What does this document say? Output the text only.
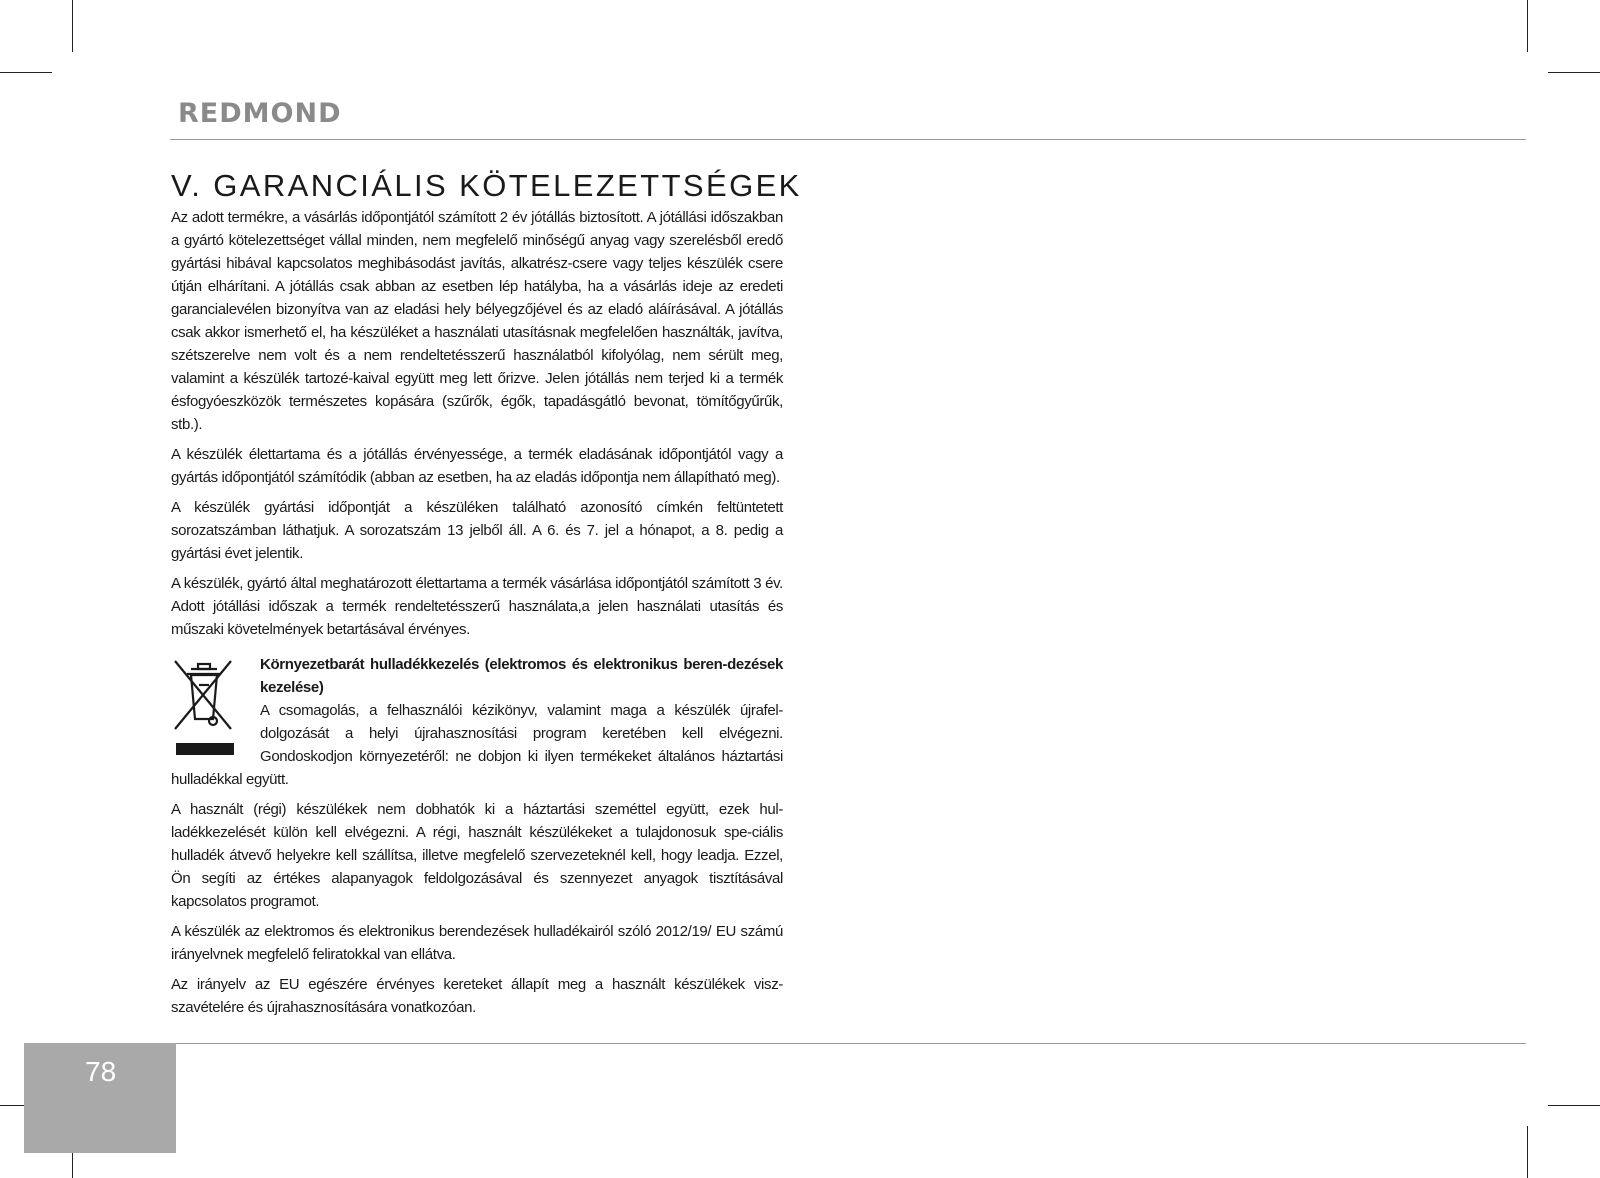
REDMOND
V. GARANCIÁLIS KÖTELEZETTSÉGEK

Az adott termékre, a vásárlás időpontjától számított 2 év jótállás biztosított. A jótállási időszakban a gyártó kötelezettséget vállal minden, nem megfelelő minőségű anyag vagy szerelésből eredő gyártási hibával kapcsolatos meghibásodást javítás, alkatrész-csere vagy teljes készülék csere útján elhárítani. A jótállás csak abban az esetben lép hatályba, ha a vásárlás ideje az eredeti garancialevélen bizonyítva van az eladási hely bélyegzőjével és az eladó aláírásával. A jótállás csak akkor ismerhető el, ha készüléket a használati utasításnak megfelelően használták, javítva, szétszerelve nem volt és a nem rendeltetésszerű használatból kifolyólag, nem sérült meg, valamint a készülék tartozé-kaival együtt meg lett őrizve. Jelen jótállás nem terjed ki a termék ésfogyóeszközök természetes kopására (szűrők, égők, tapadásgátló bevonat, tömítőgyűrűk, stb.).

A készülék élettartama és a jótállás érvényessége, a termék eladásának időpontjától vagy a gyártás időpontjától számítódik (abban az esetben, ha az eladás időpontja nem állapítható meg).

A készülék gyártási időpontját a készüléken található azonosító címkén feltüntetett sorozatszámban láthatjuk. A sorozatszám 13 jelből áll. A 6. és 7. jel a hónapot, a 8. pedig a gyártási évet jelentik.

A készülék, gyártó által meghatározott élettartama a termék vásárlása időpontjától számított 3 év. Adott jótállási időszak a termék rendeltetésszerű használata,a jelen használati utasítás és műszaki követelmények betartásával érvényes.

Környezetbarát hulladékkezelés (elektromos és elektronikus beren-dezések kezelése)

A csomagolás, a felhasználói kézikönyv, valamint maga a készülék újrafel-dolgozását a helyi újrahasznosítási program keretében kell elvégezni. Gondoskodjon környezetéről: ne dobjon ki ilyen termékeket általános háztartási hulladékkal együtt.

A használt (régi) készülékek nem dobhatók ki a háztartási szeméttel együtt, ezek hul-ladékkezelését külön kell elvégezni. A régi, használt készülékeket a tulajdonosuk spe-ciális hulladék átvevő helyekre kell szállítsa, illetve megfelelő szervezeteknél kell, hogy leadja. Ezzel, Ön segíti az értékes alapanyagok feldolgozásával és szennyezet anyagok tisztításával kapcsolatos programot.

A készülék az elektromos és elektronikus berendezések hulladékairól szóló 2012/19/ EU számú irányelvnek megfelelő feliratokkal van ellátva.

Az irányelv az EU egészére érvényes kereteket állapít meg a használt készülékek visz-szavételére és újrahasznosítására vonatkozóan.

78
